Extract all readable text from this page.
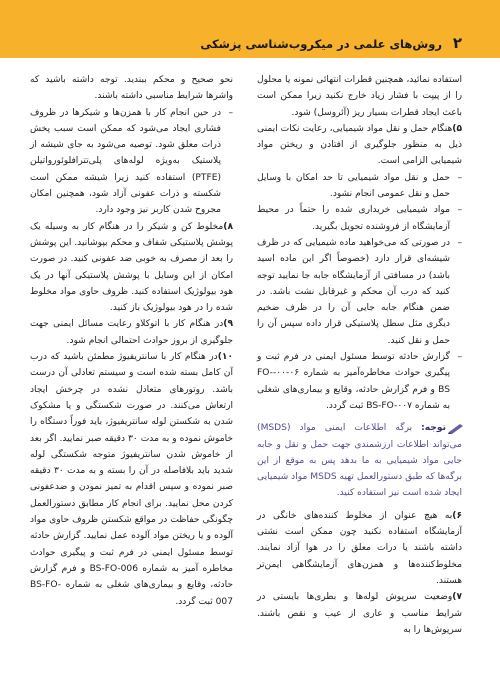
روش‌های علمی در میکروب‌شناسی پزشکی ۲

استفاده نمائید، همچنین قطرات انتهائی نمونه یا محلول را از پیپت با فشار زیاد خارج نکنید زیرا ممکن است باعث ایجاد قطرات بسیار ریز (آئروسل) شود.

۵)هنگام حمل و نقل مواد شیمیایی، رعایت نکات ایمنی ذیل به منظور جلوگیری از افتادن و ریختن مواد شیمیایی الزامی است.

–
حمل و نقل مواد شیمیایی تا حد امکان با وسایل حمل و نقل عمومی انجام نشود.
–
مواد شیمیایی خریداری شده را حتماً در محیط آزمایشگاه از فروشنده تحویل بگیرید.
–
در صورتی که می‌خواهید ماده شیمیایی که در ظرف شیشه‌ای قرار دارد (خصوصاً اگر این ماده اسید باشد) در مسافتی از آزمایشگاه جابه جا نمایید توجه کنید که درب آن محکم و غیرقابل نشت باشد. در ضمن هنگام جابه جایی آن را در ظرف ضخیم دیگری مثل سطل پلاستیکی قرار داده سپس آن را حمل و نقل کنید.
–
گزارش حادثه توسط مسئول ایمنی در فرم ثبت و پیگیری حوادث مخاطره‌آمیز به شماره ۰۶-۰۰-FO-BS و فرم گزارش حادثه، وقایع و بیماری‌های شغلی به شماره BS-FO-۰۰۷ ثبت گردد.
توجه: برگه اطلاعات ایمنی مواد (MSDS) می‌تواند اطلاعات ارزشمندی جهت حمل و نقل و جابه جایی مواد شیمیایی به ما بدهد پس به موقع از این برگه‌ها که طبق دستورالعمل تهیه MSDS مواد شیمیایی ایجاد شده است نیز استفاده کنید.

۶)به هیچ عنوان از مخلوط کننده‌های خانگی در آزمایشگاه استفاده نکنید چون ممکن است نشتی داشته باشند یا درات معلق را در هوا آزاد نمایند. مخلوط‌کننده‌ها و همزن‌های آزمایشگاهی ایمن‌تر هستند.

۷)وضعیت سرپوش لوله‌ها و بطری‌ها بایستی در شرایط مناسب و عاری از عیب و نقص باشند. سرپوش‌ها را به

نحو صحیح و محکم ببندید. توجه داشته باشید که واشرها شرایط مناسبی داشته باشند.

–
در حین انجام کار با همزن‌ها و شیکرها در ظروف فشاری ایجاد می‌شود که ممکن است سبب پخش ذرات معلق شود. توصیه می‌شود به جای شیشه از پلاستیک به‌ویژه لوله‌های پلی‌تترافلوئورواتیلن (PTFE) استفاده کنید زیرا شیشه ممکن است شکسته و ذرات عفونی آزاد شود، همچنین امکان مجروح شدن کاربر نیز وجود دارد.

۸)مخلوط کن و شیکر را در هنگام کار به وسیله یک پوشش پلاستیکی شفاف و محکم بپوشانید. این پوشش را بعد از مصرف به خوبی ضد عفونی کنید. در صورت امکان از این وسایل با پوشش پلاستیکی آنها در یک هود بیولوژیک استفاده کنید. ظروف حاوی مواد مخلوط شده را در هود بیولوژیک باز کنید.

۹)در هنگام کار با اتوکلاو رعایت مسائل ایمنی جهت جلوگیری از بروز حوادث احتمالی انجام شود.

۱۰)در هنگام کار با سانتریفیوژ مطمئن باشید که درب آن کامل بسته شده است و سیستم تعادلی آن درست باشد. روتورهای متعادل نشده در چرخش ایجاد ارتعاش می‌کنند. در صورت شکستگی و یا مشکوک شدن به شکستن لوله سانتریفیوژ، باید فوراً دستگاه را خاموش نموده و به مدت ۳۰ دقیقه صبر نمایید. اگر بعد از خاموش شدن سانتریفیوژ متوجه شکستگی لوله شدید باید بلافاصله در آن را بسته و به مدت ۳۰ دقیقه صبر نموده و سپس اقدام به تمیز نمودن و ضدعفونی کردن محل نمایید. برای انجام کار مطابق دستورالعمل چگونگی حفاظت در مواقع شکستن ظروف حاوی مواد آلوده و یا ریختن مواد آلوده عمل نمایید. گزارش حادثه توسط مسئول ایمنی در فرم ثبت و پیگیری حوادث مخاطره آمیز به شماره BS-FO-006 و فرم گزارش حادثه، وقایع و بیماری‌های شغلی به شماره BS-FO-007 ثبت گردد.
